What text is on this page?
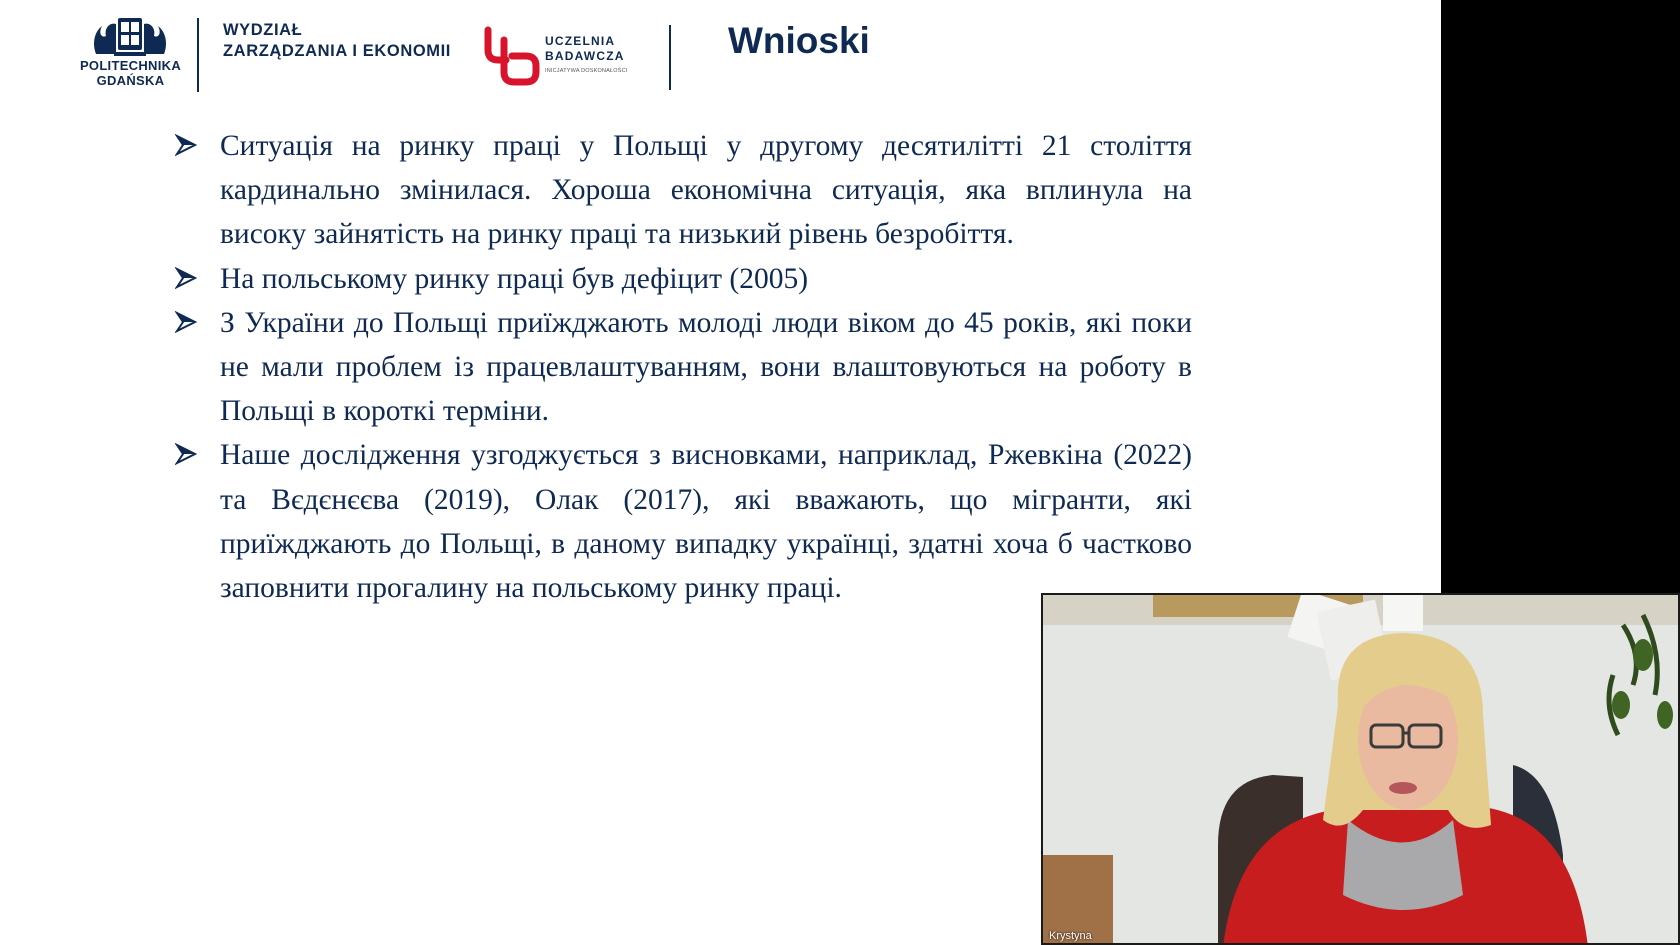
POLITECHNIKA
GDAŃSKA
WYDZIAŁ
ZARZĄDZANIA I EKONOMII
UCZELNIA
BADAWCZA
INICJATYWA DOSKONAŁOŚCI
Wnioski
Ситуація на ринку праці у Польщі у другому десятилітті 21 століття кардинально змінилася. Хороша економічна ситуація, яка вплинула на високу зайнятість на ринку праці та низький рівень безробіття.
На польському ринку праці був дефіцит (2005)
З України до Польщі приїжджають молоді люди віком до 45 років, які поки не мали проблем із працевлаштуванням, вони влаштовуються на роботу в Польщі в короткі терміни.
Наше дослідження узгоджується з висновками, наприклад, Ржевкіна (2022) та Вєдєнєєва (2019), Олак (2017), які вважають, що мігранти, які приїжджають до Польщі, в даному випадку українці, здатні хоча б частково заповнити прогалину на польському ринку праці.
Krystyna
